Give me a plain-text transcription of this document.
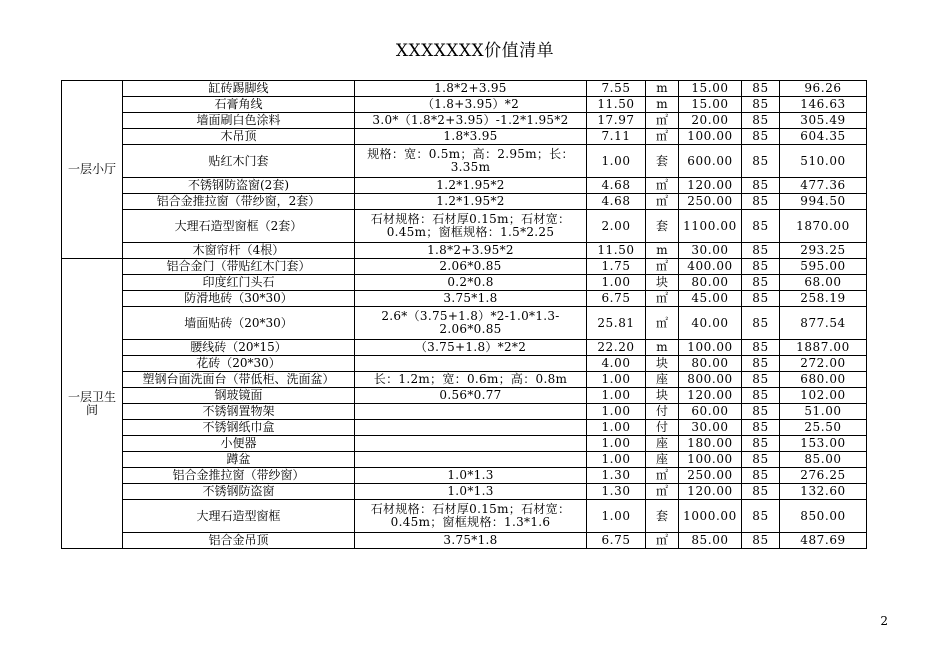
XXXXXXX价值清单
一层小厅	缸砖踢脚线	1.8*2+3.95	7.55	m	15.00	85	96.26
	石膏角线	（1.8+3.95）*2	11.50	m	15.00	85	146.63
	墙面刷白色涂料	3.0*（1.8*2+3.95）-1.2*1.95*2	17.97	㎡	20.00	85	305.49
	木吊顶	1.8*3.95	7.11	㎡	100.00	85	604.35
	贴红木门套	规格：宽：0.5m；高：2.95m；长：3.35m	1.00	套	600.00	85	510.00
	不锈钢防盗窗(2套)	1.2*1.95*2	4.68	㎡	120.00	85	477.36
	铝合金推拉窗（带纱窗，2套）	1.2*1.95*2	4.68	㎡	250.00	85	994.50
	大理石造型窗框（2套）	石材规格：石材厚0.15m；石材宽：0.45m；窗框规格：1.5*2.25	2.00	套	1100.00	85	1870.00
	木窗帘杆（4根）	1.8*2+3.95*2	11.50	m	30.00	85	293.25
一层卫生间	铝合金门（带贴红木门套）	2.06*0.85	1.75	㎡	400.00	85	595.00
	印度红门头石	0.2*0.8	1.00	块	80.00	85	68.00
	防滑地砖（30*30）	3.75*1.8	6.75	㎡	45.00	85	258.19
	墙面贴砖（20*30）	2.6*（3.75+1.8）*2-1.0*1.3-2.06*0.85	25.81	㎡	40.00	85	877.54
	腰线砖（20*15）	（3.75+1.8）*2*2	22.20	m	100.00	85	1887.00
	花砖（20*30）		4.00	块	80.00	85	272.00
	塑钢台面洗面台（带低柜、洗面盆）	长：1.2m；宽：0.6m；高：0.8m	1.00	座	800.00	85	680.00
	钢玻镜面	0.56*0.77	1.00	块	120.00	85	102.00
	不锈钢置物架		1.00	付	60.00	85	51.00
	不锈钢纸巾盒		1.00	付	30.00	85	25.50
	小便器		1.00	座	180.00	85	153.00
	蹲盆		1.00	座	100.00	85	85.00
	铝合金推拉窗（带纱窗）	1.0*1.3	1.30	㎡	250.00	85	276.25
	不锈钢防盗窗	1.0*1.3	1.30	㎡	120.00	85	132.60
	大理石造型窗框	石材规格：石材厚0.15m；石材宽：0.45m；窗框规格：1.3*1.6	1.00	套	1000.00	85	850.00
	铝合金吊顶	3.75*1.8	6.75	㎡	85.00	85	487.69
2
